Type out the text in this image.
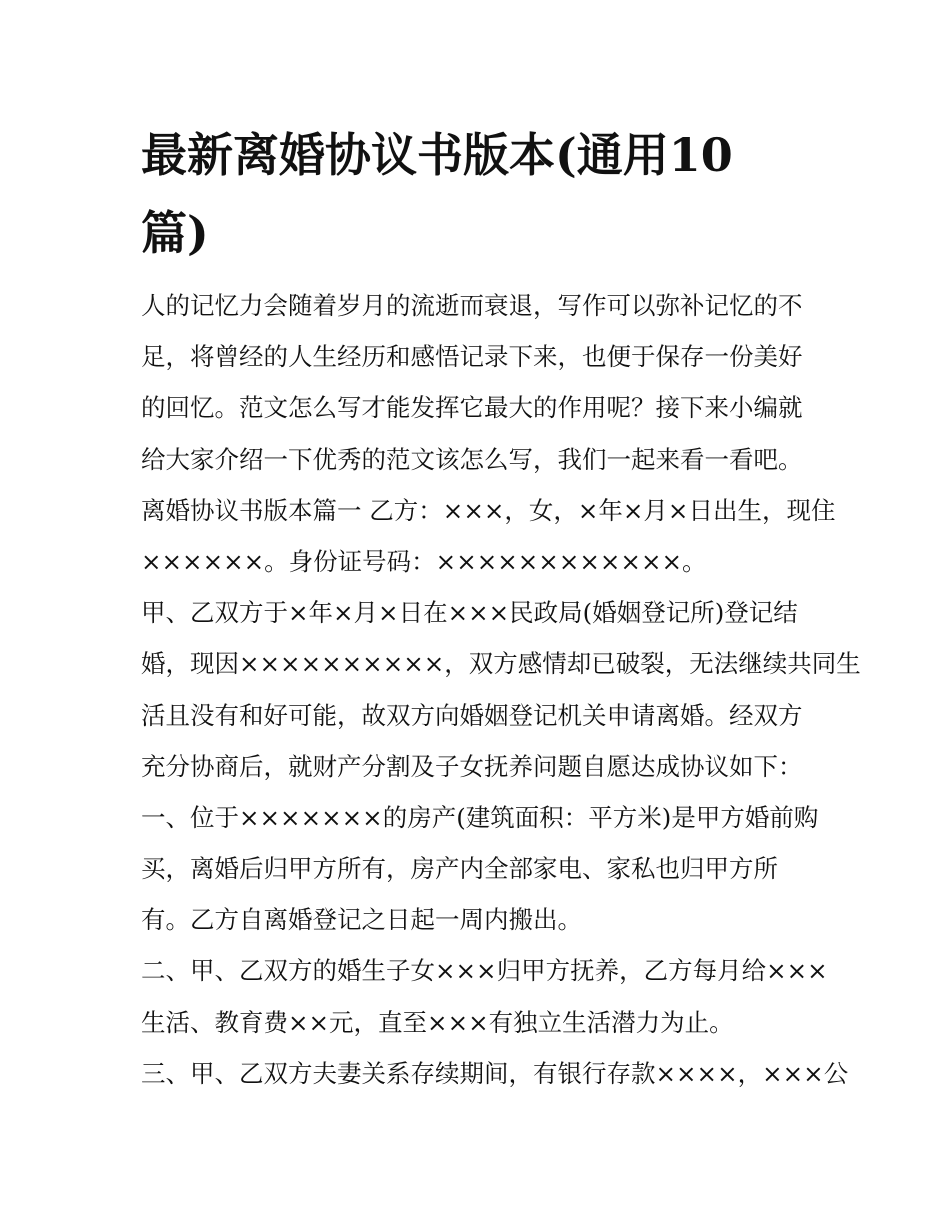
最新离婚协议书版本(通用10
篇)
人的记忆力会随着岁月的流逝而衰退，写作可以弥补记忆的不
足，将曾经的人生经历和感悟记录下来，也便于保存一份美好
的回忆。范文怎么写才能发挥它最大的作用呢？接下来小编就
给大家介绍一下优秀的范文该怎么写，我们一起来看一看吧。
离婚协议书版本篇一 乙方：×××，女，×年×月×日出生，现住
××××××。身份证号码：××××××××××××。
甲、乙双方于×年×月×日在×××民政局(婚姻登记所)登记结
婚，现因××××××××××，双方感情却已破裂，无法继续共同生
活且没有和好可能，故双方向婚姻登记机关申请离婚。经双方
充分协商后，就财产分割及子女抚养问题自愿达成协议如下：
一、位于×××××××的房产(建筑面积：平方米)是甲方婚前购
买，离婚后归甲方所有，房产内全部家电、家私也归甲方所
有。乙方自离婚登记之日起一周内搬出。
二、甲、乙双方的婚生子女×××归甲方抚养，乙方每月给×××
生活、教育费××元，直至×××有独立生活潜力为止。
三、甲、乙双方夫妻关系存续期间，有银行存款××××，×××公
